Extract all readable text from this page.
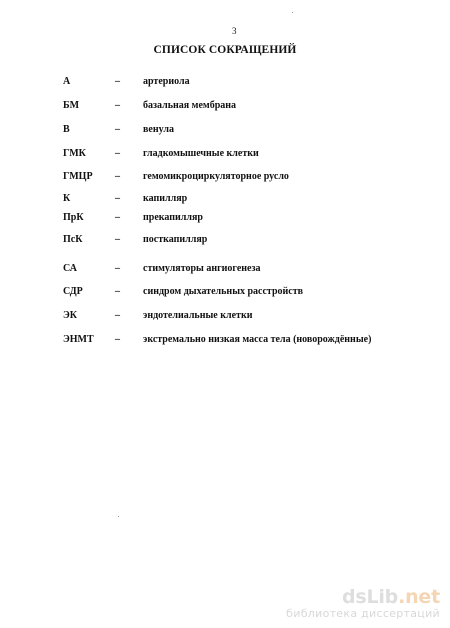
3
СПИСОК СОКРАЩЕНИЙ
А	– артериола
БМ	– базальная мембрана
В	– венула
ГМК	– гладкомышечные клетки
ГМЦР – гемомикроциркуляторное русло
К	– капилляр
ПрК	– прекапилляр
ПсК	– посткапилляр
СА	– стимуляторы ангиогенеза
СДР	– синдром дыхательных расстройств
ЭК	– эндотелиальные клетки
ЭНМТ – экстремально низкая масса тела (новорождённые)
dsLib.net
библиотека диссертаций
